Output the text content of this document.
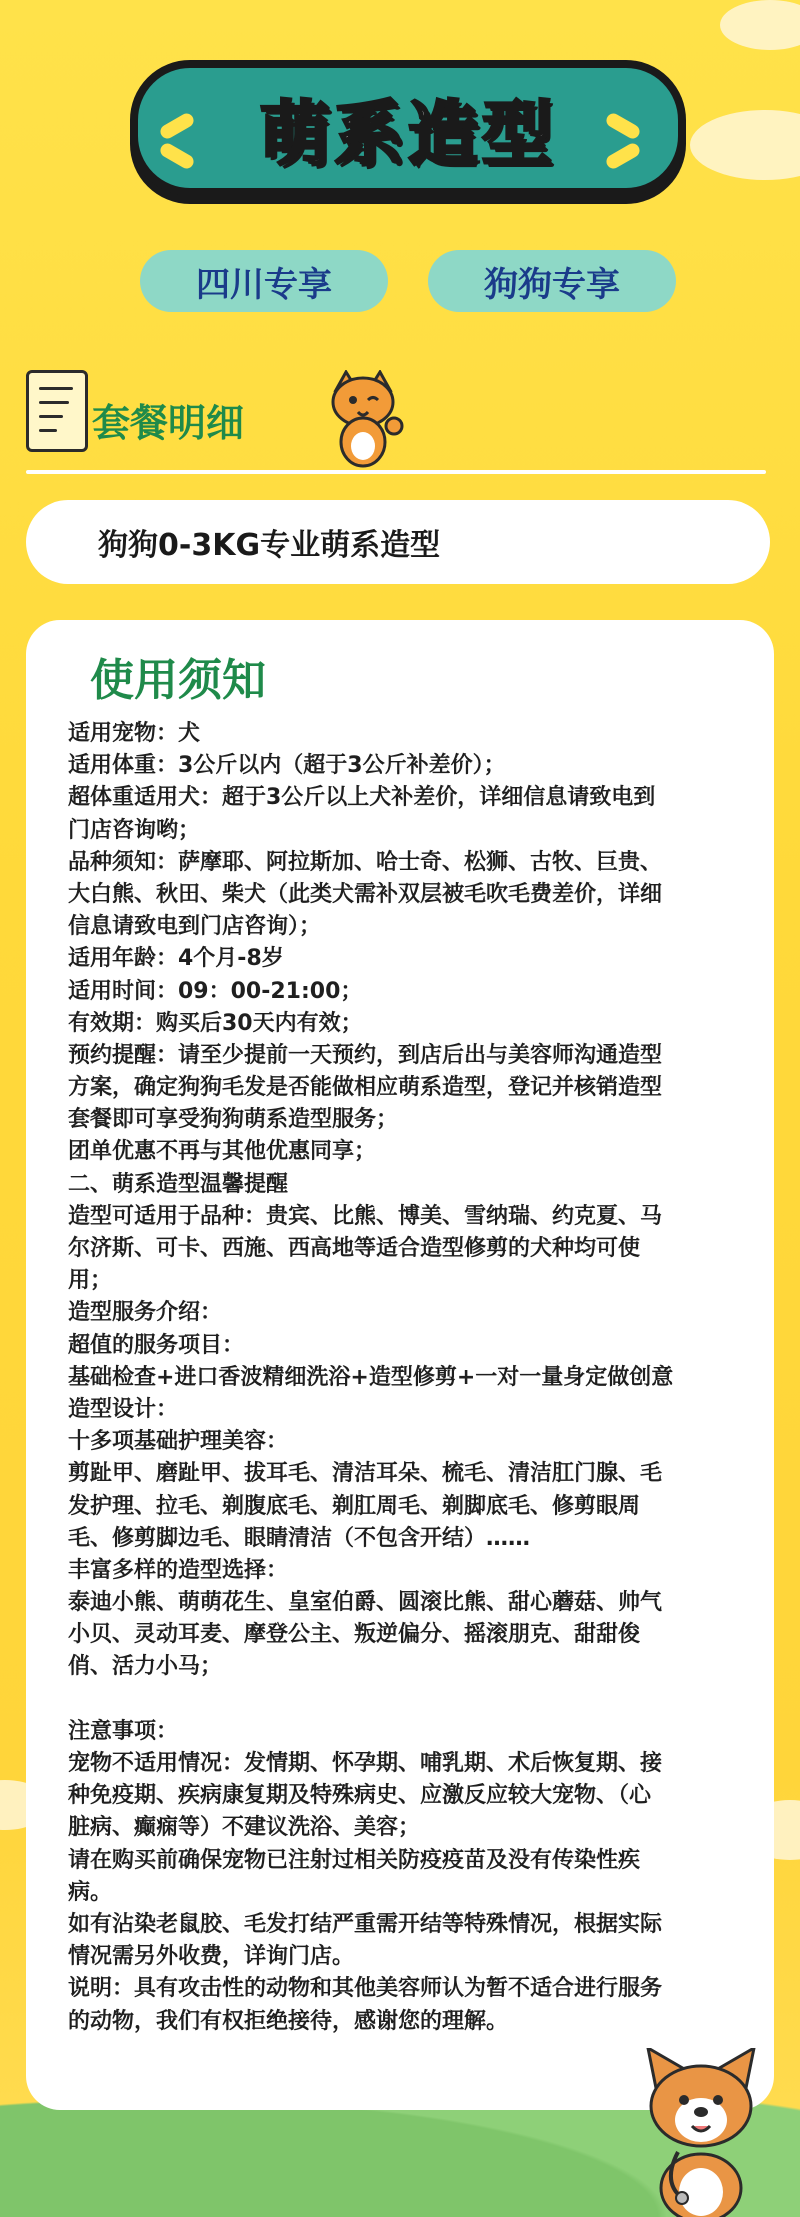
萌系造型
四川专享	狗狗专享
套餐明细
狗狗0-3KG专业萌系造型
使用须知
适用宠物：犬
适用体重：3公斤以内（超于3公斤补差价）；
超体重适用犬：超于3公斤以上犬补差价，详细信息请致电到
门店咨询哟；
品种须知：萨摩耶、阿拉斯加、哈士奇、松狮、古牧、巨贵、
大白熊、秋田、柴犬（此类犬需补双层被毛吹毛费差价，详细
信息请致电到门店咨询）；
适用年龄：4个月-8岁
适用时间：09：00-21:00；
有效期：购买后30天内有效；
预约提醒：请至少提前一天预约，到店后出与美容师沟通造型
方案，确定狗狗毛发是否能做相应萌系造型，登记并核销造型
套餐即可享受狗狗萌系造型服务；
团单优惠不再与其他优惠同享；
二、萌系造型温馨提醒
造型可适用于品种：贵宾、比熊、博美、雪纳瑞、约克夏、马
尔济斯、可卡、西施、西高地等适合造型修剪的犬种均可使
用；
造型服务介绍：
超值的服务项目：
基础检查+进口香波精细洗浴+造型修剪+一对一量身定做创意
造型设计：
十多项基础护理美容：
剪趾甲、磨趾甲、拔耳毛、清洁耳朵、梳毛、清洁肛门腺、毛
发护理、拉毛、剃腹底毛、剃肛周毛、剃脚底毛、修剪眼周
毛、修剪脚边毛、眼睛清洁（不包含开结）……
丰富多样的造型选择：
泰迪小熊、萌萌花生、皇室伯爵、圆滚比熊、甜心蘑菇、帅气
小贝、灵动耳麦、摩登公主、叛逆偏分、摇滚朋克、甜甜俊
俏、活力小马；
注意事项：
宠物不适用情况：发情期、怀孕期、哺乳期、术后恢复期、接
种免疫期、疾病康复期及特殊病史、应激反应较大宠物、（心
脏病、癫痫等）不建议洗浴、美容；
请在购买前确保宠物已注射过相关防疫疫苗及没有传染性疾
病。
如有沾染老鼠胶、毛发打结严重需开结等特殊情况，根据实际
情况需另外收费，详询门店。
说明：具有攻击性的动物和其他美容师认为暂不适合进行服务
的动物，我们有权拒绝接待，感谢您的理解。
